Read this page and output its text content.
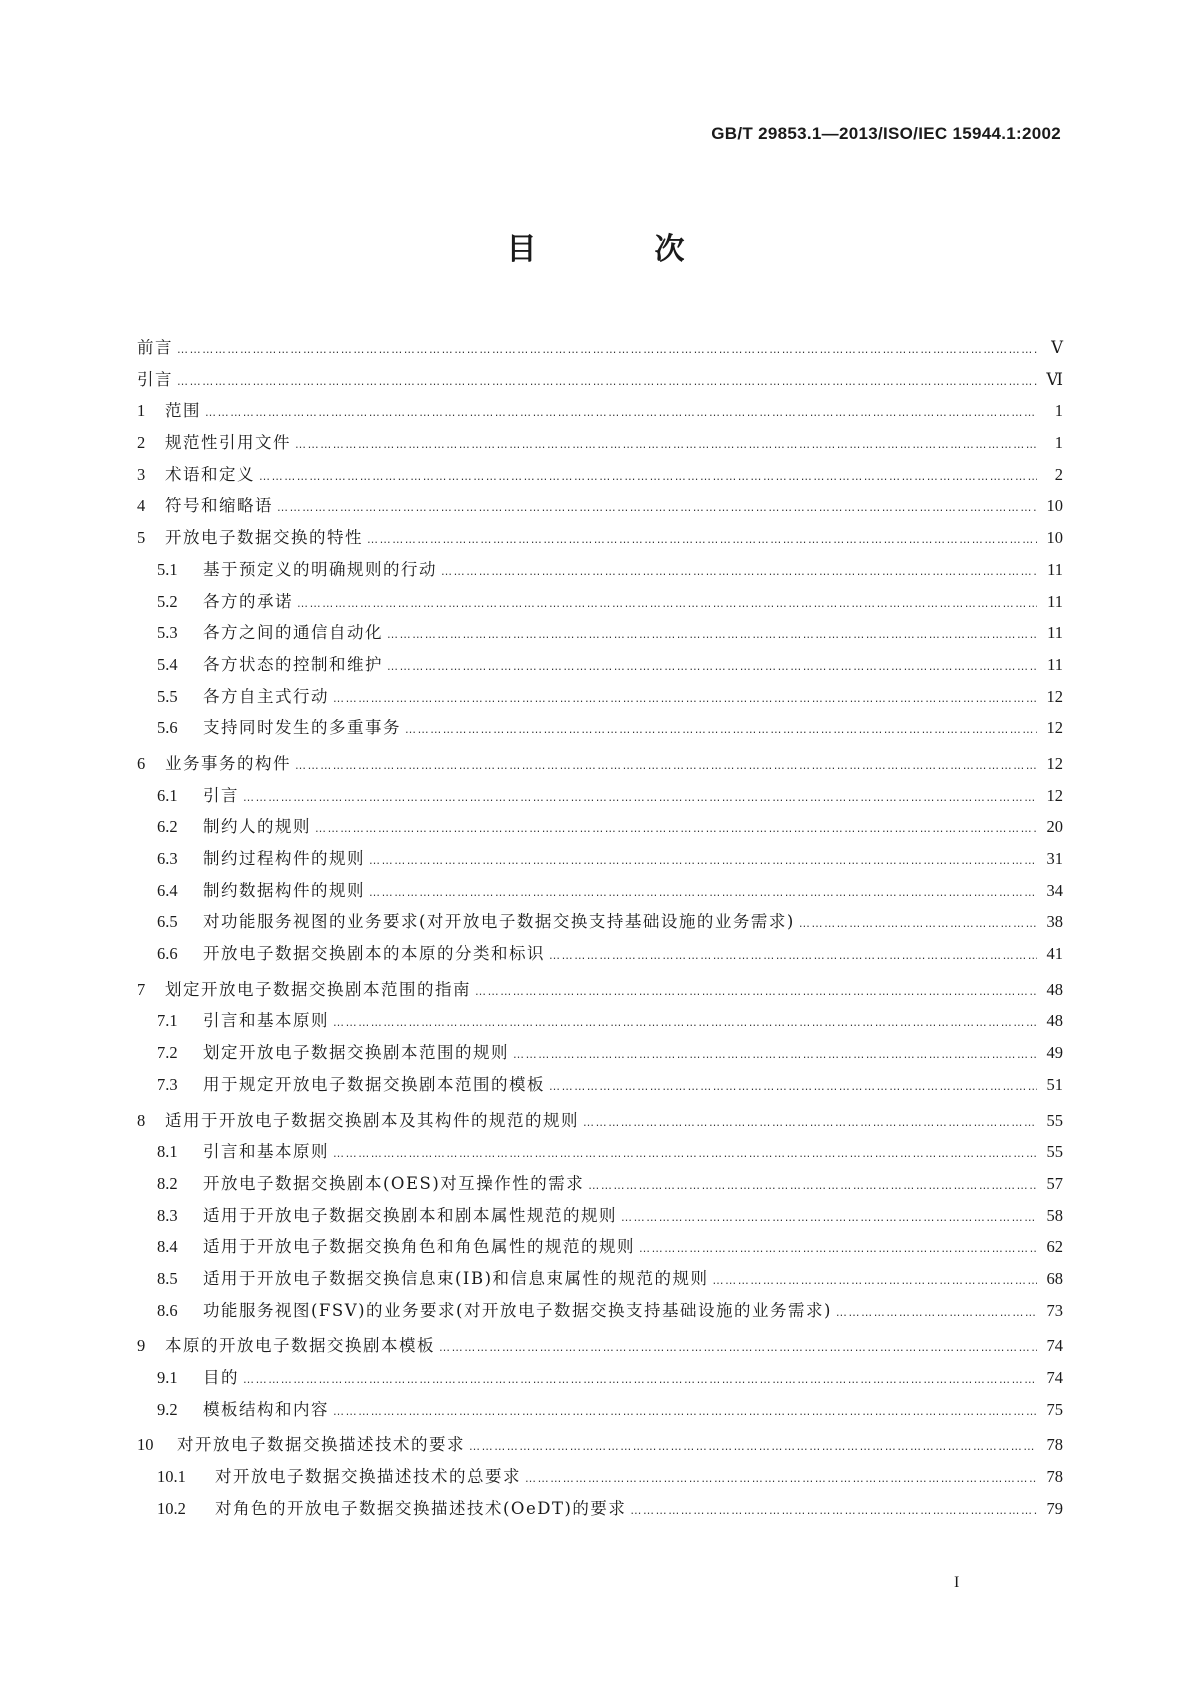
GB/T 29853.1—2013/ISO/IEC 15944.1:2002
目　次
前言 …………………………………………………………………………………………………………………………………………………………………………………………………………………………	Ⅴ
引言 …………………………………………………………………………………………………………………………………………………………………………………………………………………………	Ⅵ
1	范围 …………………………………………………………………………………………………………………………………………………………………………………………………………………………	1
2	规范性引用文件 …………………………………………………………………………………………………………………………………………………………………………………………………………………………	1
3	术语和定义 …………………………………………………………………………………………………………………………………………………………………………………………………………………………	2
4	符号和缩略语 …………………………………………………………………………………………………………………………………………………………………………………………………………………………	10
5	开放电子数据交换的特性 …………………………………………………………………………………………………………………………………………………………………………………………………………………………	10
5.1	基于预定义的明确规则的行动 …………………………………………………………………………………………………………………………………………………………………………………………………………………………	11
5.2	各方的承诺 …………………………………………………………………………………………………………………………………………………………………………………………………………………………	11
5.3	各方之间的通信自动化 …………………………………………………………………………………………………………………………………………………………………………………………………………………………	11
5.4	各方状态的控制和维护 …………………………………………………………………………………………………………………………………………………………………………………………………………………………	11
5.5	各方自主式行动 …………………………………………………………………………………………………………………………………………………………………………………………………………………………	12
5.6	支持同时发生的多重事务 …………………………………………………………………………………………………………………………………………………………………………………………………………………………	12
6	业务事务的构件 …………………………………………………………………………………………………………………………………………………………………………………………………………………………	12
6.1	引言 …………………………………………………………………………………………………………………………………………………………………………………………………………………………	12
6.2	制约人的规则 …………………………………………………………………………………………………………………………………………………………………………………………………………………………	20
6.3	制约过程构件的规则 …………………………………………………………………………………………………………………………………………………………………………………………………………………………	31
6.4	制约数据构件的规则 …………………………………………………………………………………………………………………………………………………………………………………………………………………………	34
6.5	对功能服务视图的业务要求(对开放电子数据交换支持基础设施的业务需求) …………………………………………………………………………………………………………………………………………………………………………………………………………………………	38
6.6	开放电子数据交换剧本的本原的分类和标识 …………………………………………………………………………………………………………………………………………………………………………………………………………………………	41
7	划定开放电子数据交换剧本范围的指南 …………………………………………………………………………………………………………………………………………………………………………………………………………………………	48
7.1	引言和基本原则 …………………………………………………………………………………………………………………………………………………………………………………………………………………………	48
7.2	划定开放电子数据交换剧本范围的规则 …………………………………………………………………………………………………………………………………………………………………………………………………………………………	49
7.3	用于规定开放电子数据交换剧本范围的模板 …………………………………………………………………………………………………………………………………………………………………………………………………………………………	51
8	适用于开放电子数据交换剧本及其构件的规范的规则 …………………………………………………………………………………………………………………………………………………………………………………………………………………………	55
8.1	引言和基本原则 …………………………………………………………………………………………………………………………………………………………………………………………………………………………	55
8.2	开放电子数据交换剧本(OES)对互操作性的需求 …………………………………………………………………………………………………………………………………………………………………………………………………………………………	57
8.3	适用于开放电子数据交换剧本和剧本属性规范的规则 …………………………………………………………………………………………………………………………………………………………………………………………………………………………	58
8.4	适用于开放电子数据交换角色和角色属性的规范的规则 …………………………………………………………………………………………………………………………………………………………………………………………………………………………	62
8.5	适用于开放电子数据交换信息束(IB)和信息束属性的规范的规则 …………………………………………………………………………………………………………………………………………………………………………………………………………………………	68
8.6	功能服务视图(FSV)的业务要求(对开放电子数据交换支持基础设施的业务需求) …………………………………………………………………………………………………………………………………………………………………………………………………………………………	73
9	本原的开放电子数据交换剧本模板 …………………………………………………………………………………………………………………………………………………………………………………………………………………………	74
9.1	目的 …………………………………………………………………………………………………………………………………………………………………………………………………………………………	74
9.2	模板结构和内容 …………………………………………………………………………………………………………………………………………………………………………………………………………………………	75
10	对开放电子数据交换描述技术的要求 …………………………………………………………………………………………………………………………………………………………………………………………………………………………	78
10.1	对开放电子数据交换描述技术的总要求 …………………………………………………………………………………………………………………………………………………………………………………………………………………………	78
10.2	对角色的开放电子数据交换描述技术(OeDT)的要求 …………………………………………………………………………………………………………………………………………………………………………………………………………………………	79
I
